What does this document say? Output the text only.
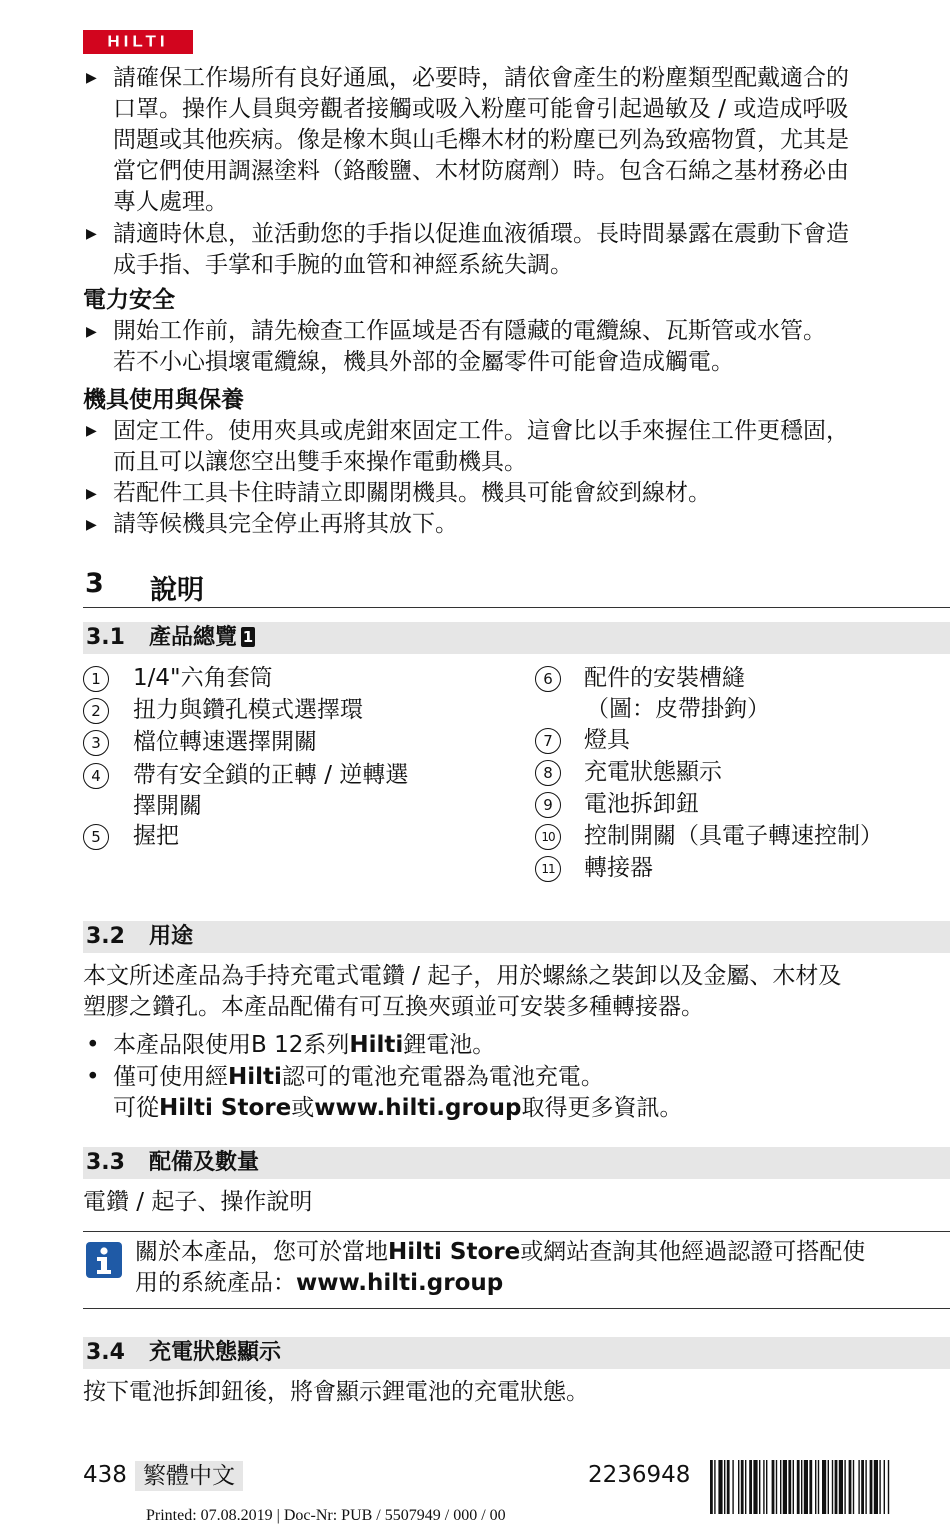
HILTI
▶ 請確保工作場所有良好通風，必要時，請依會產生的粉塵類型配戴適合的
口罩。操作人員與旁觀者接觸或吸入粉塵可能會引起過敏及 / 或造成呼吸
問題或其他疾病。像是橡木與山毛櫸木材的粉塵已列為致癌物質，尤其是
當它們使用調濕塗料（鉻酸鹽、木材防腐劑）時。包含石綿之基材務必由
專人處理。
▶ 請適時休息，並活動您的手指以促進血液循環。長時間暴露在震動下會造
成手指、手掌和手腕的血管和神經系統失調。
電力安全
▶ 開始工作前，請先檢查工作區域是否有隱藏的電纜線、瓦斯管或水管。
若不小心損壞電纜線，機具外部的金屬零件可能會造成觸電。
機具使用與保養
▶ 固定工件。使用夾具或虎鉗來固定工件。這會比以手來握住工件更穩固，
而且可以讓您空出雙手來操作電動機具。
▶ 若配件工具卡住時請立即關閉機具。機具可能會絞到線材。
▶ 請等候機具完全停止再將其放下。
3 說明
3.1 產品總覽 1
1	1/4"六角套筒
2	扭力與鑽孔模式選擇環
3	檔位轉速選擇開關
4	帶有安全鎖的正轉 / 逆轉選
擇開關
5	握把
6	配件的安裝槽縫
（圖：皮帶掛鉤）
7	燈具
8	充電狀態顯示
9	電池拆卸鈕
10 控制開關（具電子轉速控制）
11 轉接器
3.2 用途
本文所述產品為手持充電式電鑽 / 起子，用於螺絲之裝卸以及金屬、木材及
塑膠之鑽孔。本產品配備有可互換夾頭並可安裝多種轉接器。
• 本產品限使用B 12系列Hilti鋰電池。
• 僅可使用經Hilti認可的電池充電器為電池充電。
可從Hilti Store或www.hilti.group取得更多資訊。
3.3 配備及數量
電鑽 / 起子、操作說明
關於本產品，您可於當地Hilti Store或網站查詢其他經過認證可搭配使
用的系統產品：www.hilti.group
3.4 充電狀態顯示
按下電池拆卸鈕後，將會顯示鋰電池的充電狀態。
438 繁體中文	2236948
Printed: 07.08.2019 | Doc-Nr: PUB / 5507949 / 000 / 00
